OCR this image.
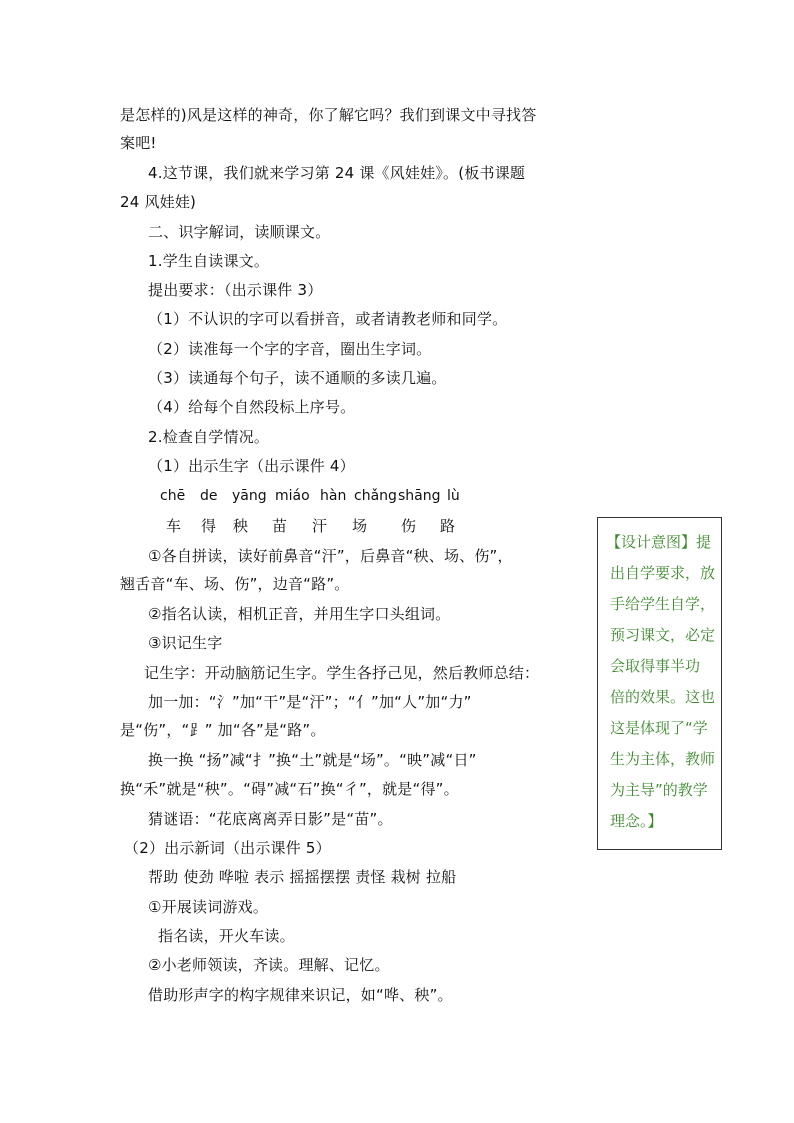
是怎样的)风是这样的神奇，你了解它吗？我们到课文中寻找答
案吧!
4.这节课，我们就来学习第 24 课《风娃娃》。(板书课题
24 风娃娃)
二、识字解词，读顺课文。
1.学生自读课文。
提出要求：（出示课件 3）
（1）不认识的字可以看拼音，或者请教老师和同学。
（2）读准每一个字的字音，圈出生字词。
（3）读通每个句子，读不通顺的多读几遍。
（4）给每个自然段标上序号。
2.检查自学情况。
（1）出示生字（出示课件 4）
chē de yāng miáo hàn chǎng shāng lù
车 得 秧 苗 汗 场 伤 路
①各自拼读，读好前鼻音“汗”，后鼻音“秧、场、伤”，
翘舌音“车、场、伤”，边音“路”。
②指名认读，相机正音，并用生字口头组词。
③识记生字
记生字：开动脑筋记生字。学生各抒己见，然后教师总结：
加一加：“氵”加“干”是“汗”；“亻”加“人”加“力”
是“伤”，“⻊” 加“各”是“路”。
换一换 “扬”减“扌”换“土”就是“场”。“映”减“日”
换“禾”就是“秧”。“碍”减“石”换“彳”，就是“得”。
猜谜语：“花底离离弄日影”是“苗”。
（2）出示新词（出示课件 5）
帮助 使劲 哗啦 表示 摇摇摆摆 责怪 栽树 拉船
①开展读词游戏。
指名读，开火车读。
②小老师领读，齐读。理解、记忆。
借助形声字的构字规律来识记，如“哗、秧”。
【设计意图】提
出自学要求，放
手给学生自学，
预习课文，必定
会取得事半功
倍的效果。这也
这是体现了“学
生为主体，教师
为主导”的教学
理念。】
